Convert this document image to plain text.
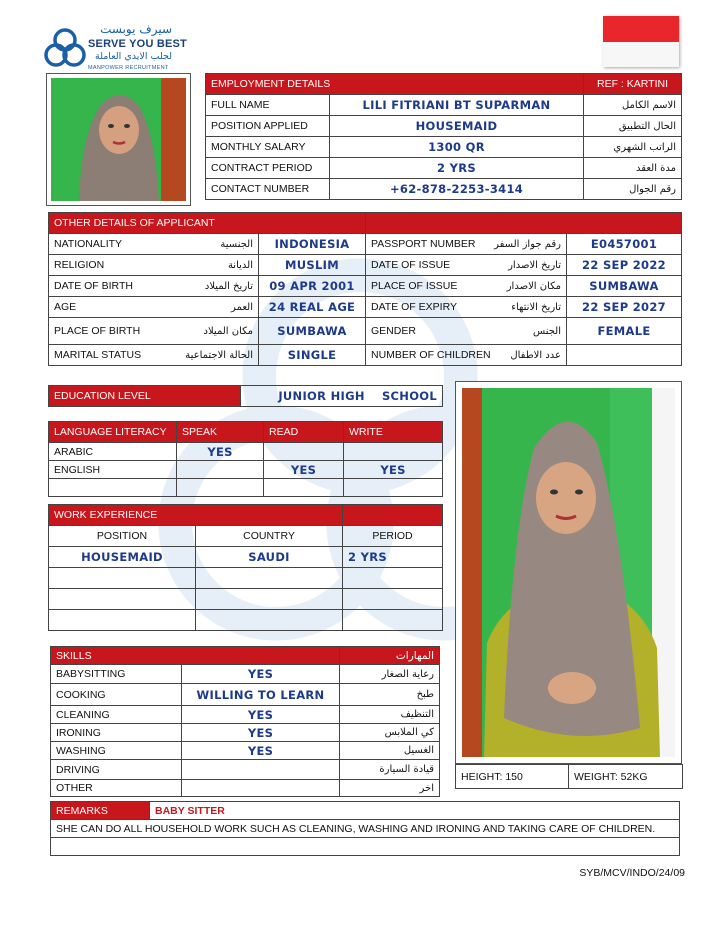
سيرف يوبست
SERVE YOU BEST
لجلب الايدي العاملة
MANPOWER RECRUITMENT
EMPLOYMENT DETAILS		REF : KARTINI
FULL NAME	LILI FITRIANI BT SUPARMAN	الاسم الكامل
POSITION APPLIED	HOUSEMAID	الحال التطبيق
MONTHLY SALARY	1300 QR	الراتب الشهري
CONTRACT PERIOD	2 YRS	مدة العقد
CONTACT NUMBER	+62-878-2253-3414	رقم الجوال
OTHER DETAILS OF APPLICANT			

NATIONALITY الجنسية	INDONESIA	PASSPORT NUMBER رقم جواز السفر	E0457001

RELIGION الديانة	MUSLIM	DATE OF ISSUE تاريخ الاصدار	22 SEP 2022

DATE OF BIRTH تاريخ الميلاد	09 APR 2001	PLACE OF ISSUE مكان الاصدار	SUMBAWA

AGE العمر	24 REAL AGE	DATE OF EXPIRY تاريخ الانتهاء	22 SEP 2027

PLACE OF BIRTH مكان الميلاد	SUMBAWA	GENDER الجنس	FEMALE

MARITAL STATUS الحالة الاجتماعية	SINGLE	NUMBER OF CHILDREN عدد الاطفال	

EDUCATION LEVEL	JUNIOR HIGH    SCHOOL
LANGUAGE LITERACY	SPEAK	READ	WRITE
ARABIC	YES		
ENGLISH		YES	YES

WORK EXPERIENCE		
POSITION	COUNTRY	PERIOD
HOUSEMAID	SAUDI	2 YRS

SKILLS		المهارات
BABYSITTING	YES	رعاية الصغار
COOKING	WILLING TO LEARN	طبخ
CLEANING	YES	التنظيف
IRONING	YES	كي الملابس
WASHING	YES	الغسيل
DRIVING		قيادة السيارة
OTHER		اخر
HEIGHT: 150	WEIGHT: 52KG
REMARKS	BABY SITTER
SHE CAN DO ALL HOUSEHOLD WORK SUCH AS CLEANING, WASHING AND IRONING AND TAKING CARE OF CHILDREN.

SYB/MCV/INDO/24/09
